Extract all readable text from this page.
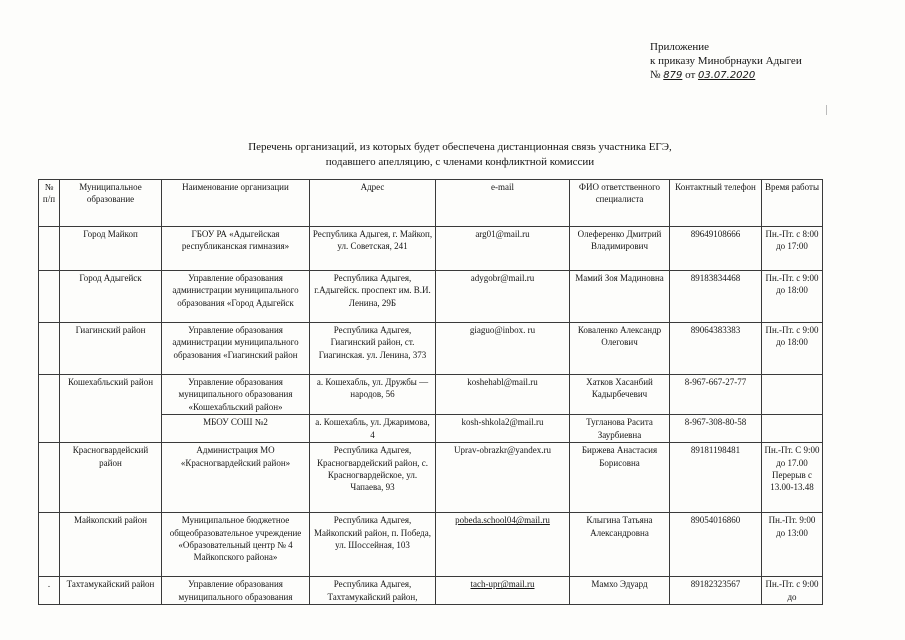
Приложение
к приказу Минобрнауки Адыгеи
№ 879 от 03.07.2020
Перечень организаций, из которых будет обеспечена дистанционная связь участника ЕГЭ,
подавшего апелляцию, с членами конфликтной комиссии
№ п/п	Муниципальное образование	Наименование организации	Адрес	e-mail	ФИО ответственного специалиста	Контактный телефон	Время работы
	Город Майкоп	ГБОУ РА «Адыгейская республиканская гимназия»	Республика Адыгея, г. Майкоп, ул. Советская, 241	arg01@mail.ru	Олеференко Дмитрий Владимирович	89649108666	Пн.-Пт. с 8:00 до 17:00
	Город Адыгейск	Управление образования администрации муниципального образования «Город Адыгейск	Республика Адыгея, г.Адыгейск. проспект им. В.И. Ленина, 29Б	adygobr@mail.ru	Мамий Зоя Мадиновна	89183834468	Пн.-Пт. с 9:00 до 18:00
	Гиагинский район	Управление образования администрации муниципального образования «Гиагинский район	Республика Адыгея, Гиагинский район, ст. Гиагинская. ул. Ленина, 373	giaguo@inbox. ru	Коваленко Александр Олегович	89064383383	Пн.-Пт. с 9:00 до 18:00
	Кошехабльский район	Управление образования муниципального образования «Кошехабльский район»	а. Кошехабль, ул. Дружбы — народов, 56	koshehabl@mail.ru	Хатков Хасанбий Кадырбечевич	8-967-667-27-77	
		МБОУ СОШ №2	а. Кошехабль, ул. Джаримова, 4	kosh-shkola2@mail.ru	Тугланова Расита Заурбиевна	8-967-308-80-58	
	Красногвардейский район	Администрация МО «Красногвардейский район»	Республика Адыгея, Красногвардейский район, с. Красногвардейское, ул. Чапаева, 93	Uprav-obrazkr@yandex.ru	Биржева Анастасия Борисовна	89181198481	Пн.-Пт. С 9:00 до 17.00 Перерыв с 13.00-13.48
	Майкопский район	Муниципальное бюджетное общеобразовательное учреждение «Образовательный центр № 4 Майкопского района»	Республика Адыгея, Майкопский район, п. Победа, ул. Шоссейная, 103	pobeda.school04@mail.ru	Клыгина Татьяна Александровна	89054016860	Пн.-Пт. 9:00 до 13:00
.	Тахтамукайский район	Управление образования муниципального образования	Республика Адыгея, Тахтамукайский район,	tach-upr@mail.ru	Мамхо Эдуард	89182323567	Пн.-Пт. с 9:00 до
